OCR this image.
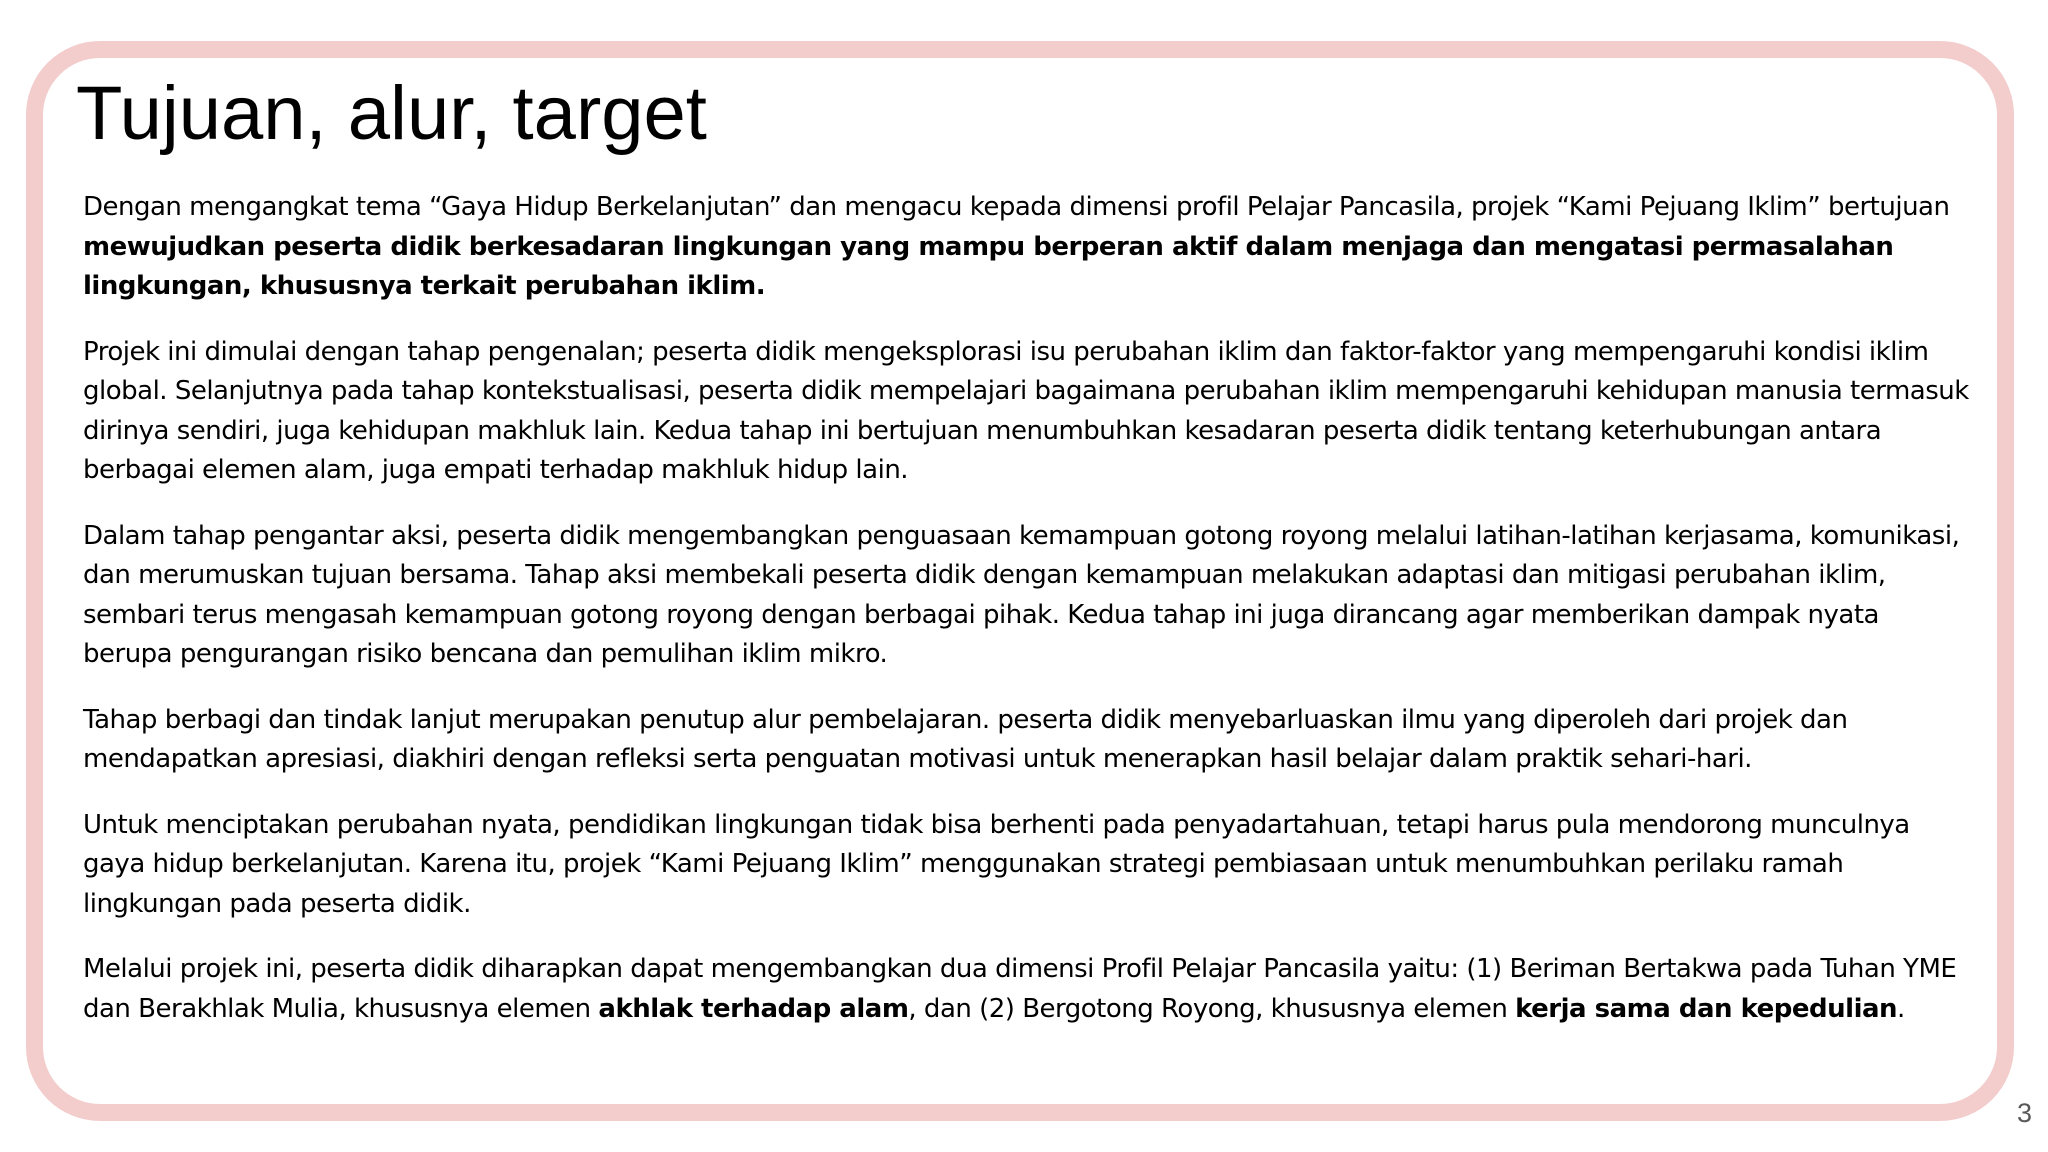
Tujuan, alur, target

Dengan mengangkat tema “Gaya Hidup Berkelanjutan” dan mengacu kepada dimensi profil Pelajar Pancasila, projek “Kami Pejuang Iklim” bertujuan mewujudkan peserta didik berkesadaran lingkungan yang mampu berperan aktif dalam menjaga dan mengatasi permasalahan lingkungan, khususnya terkait perubahan iklim.

Projek ini dimulai dengan tahap pengenalan; peserta didik mengeksplorasi isu perubahan iklim dan faktor-faktor yang mempengaruhi kondisi iklim global. Selanjutnya pada tahap kontekstualisasi, peserta didik mempelajari bagaimana perubahan iklim mempengaruhi kehidupan manusia termasuk dirinya sendiri, juga kehidupan makhluk lain. Kedua tahap ini bertujuan menumbuhkan kesadaran peserta didik tentang keterhubungan antara berbagai elemen alam, juga empati terhadap makhluk hidup lain.

Dalam tahap pengantar aksi, peserta didik mengembangkan penguasaan kemampuan gotong royong melalui latihan-latihan kerjasama, komunikasi, dan merumuskan tujuan bersama. Tahap aksi membekali peserta didik dengan kemampuan melakukan adaptasi dan mitigasi perubahan iklim, sembari terus mengasah kemampuan gotong royong dengan berbagai pihak. Kedua tahap ini juga dirancang agar memberikan dampak nyata berupa pengurangan risiko bencana dan pemulihan iklim mikro.

Tahap berbagi dan tindak lanjut merupakan penutup alur pembelajaran. peserta didik menyebarluaskan ilmu yang diperoleh dari projek dan mendapatkan apresiasi, diakhiri dengan refleksi serta penguatan motivasi untuk menerapkan hasil belajar dalam praktik sehari-hari.

Untuk menciptakan perubahan nyata, pendidikan lingkungan tidak bisa berhenti pada penyadartahuan, tetapi harus pula mendorong munculnya gaya hidup berkelanjutan. Karena itu, projek “Kami Pejuang Iklim” menggunakan strategi pembiasaan untuk menumbuhkan perilaku ramah lingkungan pada peserta didik.

Melalui projek ini, peserta didik diharapkan dapat mengembangkan dua dimensi Profil Pelajar Pancasila yaitu: (1) Beriman Bertakwa pada Tuhan YME dan Berakhlak Mulia, khususnya elemen akhlak terhadap alam, dan (2) Bergotong Royong, khususnya elemen kerja sama dan kepedulian.

3
